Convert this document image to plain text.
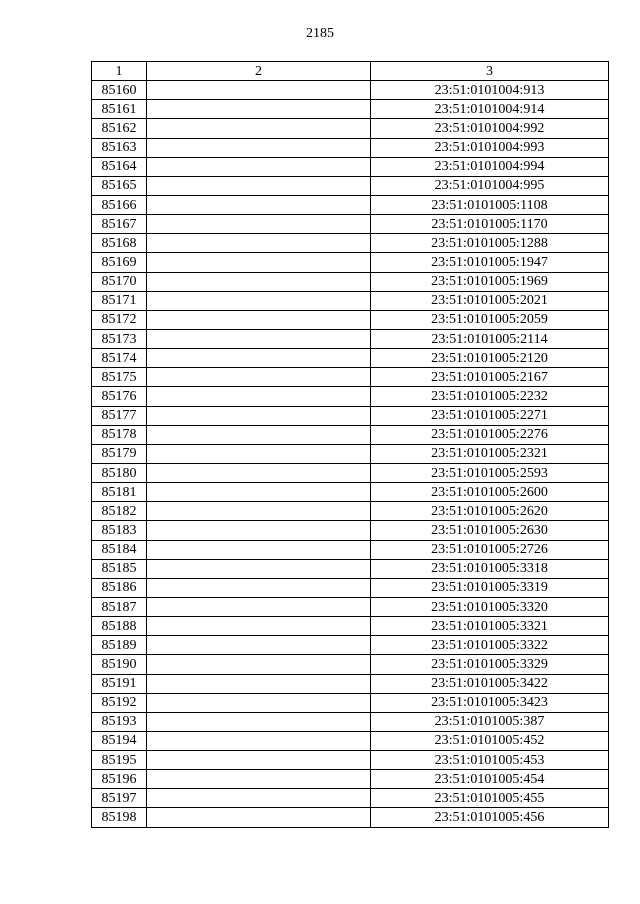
2185
1	2	3
85160		23:51:0101004:913
85161		23:51:0101004:914
85162		23:51:0101004:992
85163		23:51:0101004:993
85164		23:51:0101004:994
85165		23:51:0101004:995
85166		23:51:0101005:1108
85167		23:51:0101005:1170
85168		23:51:0101005:1288
85169		23:51:0101005:1947
85170		23:51:0101005:1969
85171		23:51:0101005:2021
85172		23:51:0101005:2059
85173		23:51:0101005:2114
85174		23:51:0101005:2120
85175		23:51:0101005:2167
85176		23:51:0101005:2232
85177		23:51:0101005:2271
85178		23:51:0101005:2276
85179		23:51:0101005:2321
85180		23:51:0101005:2593
85181		23:51:0101005:2600
85182		23:51:0101005:2620
85183		23:51:0101005:2630
85184		23:51:0101005:2726
85185		23:51:0101005:3318
85186		23:51:0101005:3319
85187		23:51:0101005:3320
85188		23:51:0101005:3321
85189		23:51:0101005:3322
85190		23:51:0101005:3329
85191		23:51:0101005:3422
85192		23:51:0101005:3423
85193		23:51:0101005:387
85194		23:51:0101005:452
85195		23:51:0101005:453
85196		23:51:0101005:454
85197		23:51:0101005:455
85198		23:51:0101005:456
